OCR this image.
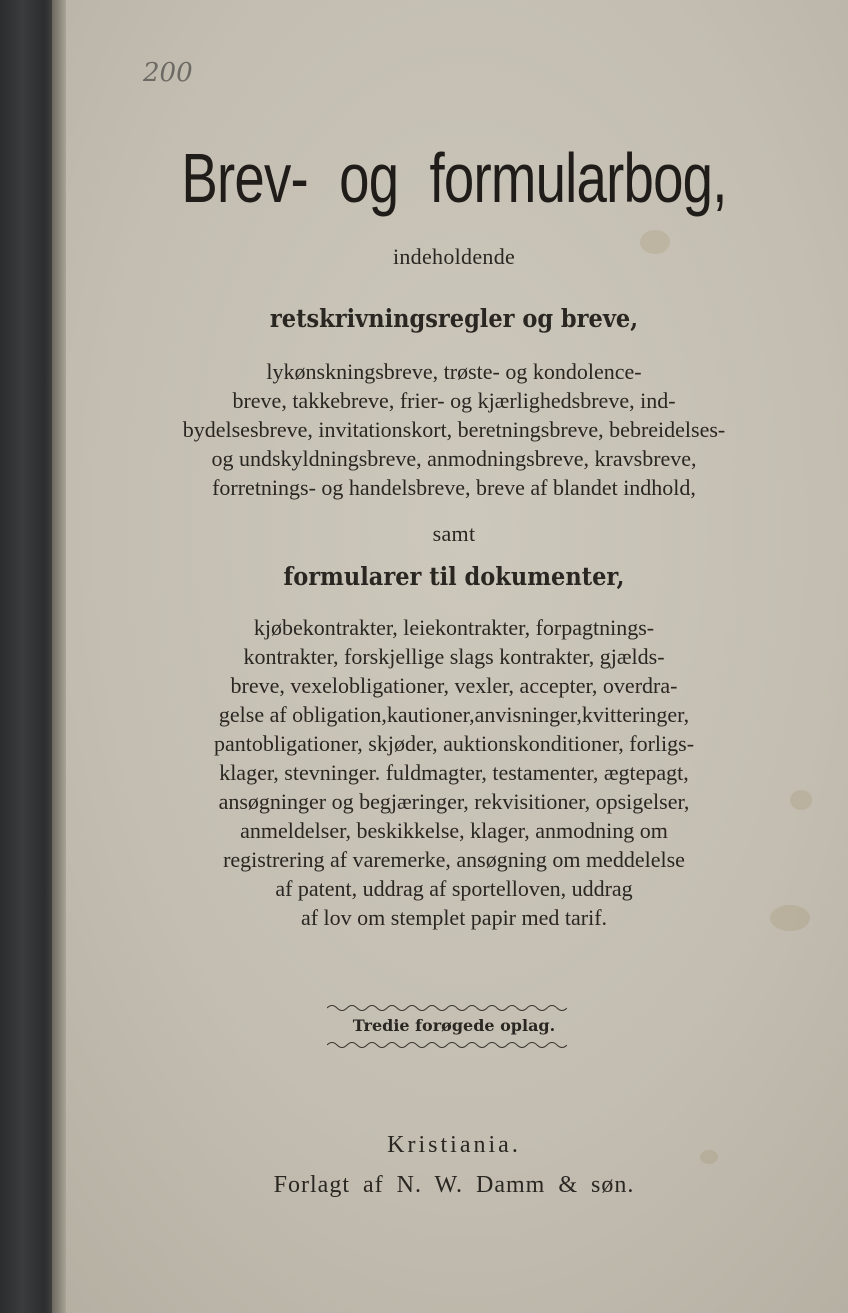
200
Brev- og formularbog,
indeholdende
retskrivningsregler og breve,
lykønskningsbreve, trøste- og kondolence-
breve, takkebreve, frier- og kjærlighedsbreve, ind-
bydelsesbreve, invitationskort, beretningsbreve, bebreidelses-
og undskyldningsbreve, anmodningsbreve, kravsbreve,
forretnings- og handelsbreve, breve af blandet indhold,
samt
formularer til dokumenter,
kjøbekontrakter, leiekontrakter, forpagtnings-
kontrakter, forskjellige slags kontrakter, gjælds-
breve, vexelobligationer, vexler, accepter, overdra-
gelse af obligation,kautioner,anvisninger,kvitteringer,
pantobligationer, skjøder, auktionskonditioner, forligs-
klager, stevninger. fuldmagter, testamenter, ægtepagt,
ansøgninger og begjæringer, rekvisitioner, opsigelser,
anmeldelser, beskikkelse, klager, anmodning om
registrering af varemerke, ansøgning om meddelelse
af patent, uddrag af sportelloven, uddrag
af lov om stemplet papir med tarif.
Tredie forøgede oplag.
Kristiania.
Forlagt af N. W. Damm & søn.
